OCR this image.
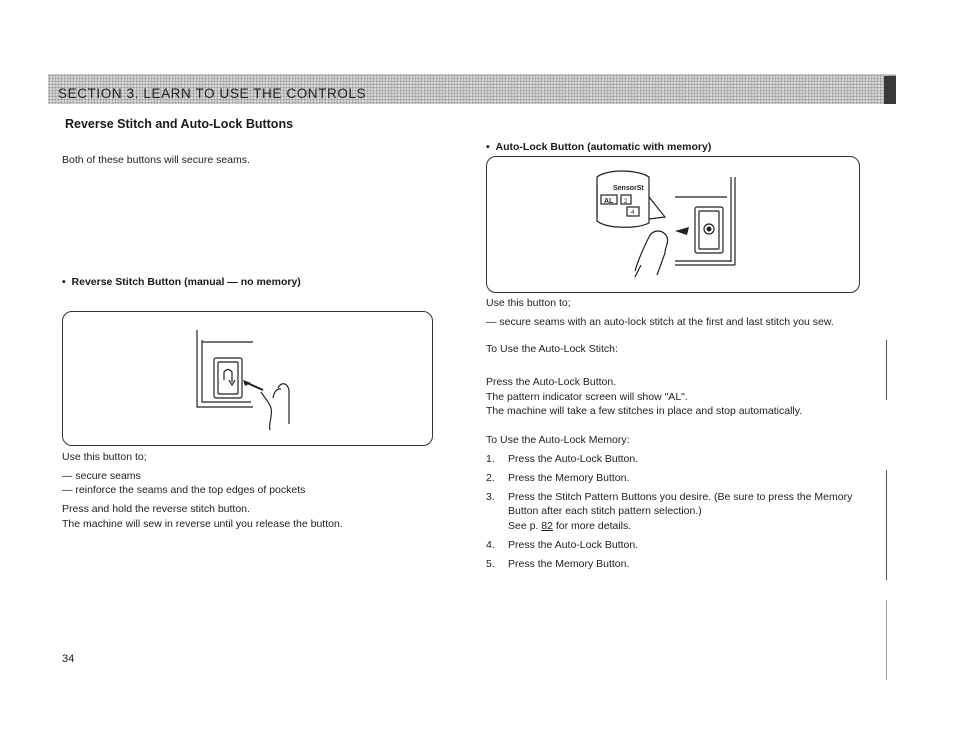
SECTION 3. LEARN TO USE THE CONTROLS
Reverse Stitch and Auto-Lock Buttons
Both of these buttons will secure seams.
•  Reverse Stitch Button (manual — no memory)
Use this button to;
— secure seams
— reinforce the seams and the top edges of pockets
Press and hold the reverse stitch button.
The machine will sew in reverse until you release the button.
•  Auto-Lock Button (automatic with memory)
SensorSt
AL 2
4
Use this button to;
— secure seams with an auto-lock stitch at the first and last stitch you sew.
To Use the Auto-Lock Stitch:
Press the Auto-Lock Button.
The pattern indicator screen will show "AL".
The machine will take a few stitches in place and stop automatically.
To Use the Auto-Lock Memory:
1. Press the Auto-Lock Button.
2. Press the Memory Button.
3. Press the Stitch Pattern Buttons you desire. (Be sure to press the Memory
Button after each stitch pattern selection.)
See p. 82 for more details.
4. Press the Auto-Lock Button.
5. Press the Memory Button.
34
